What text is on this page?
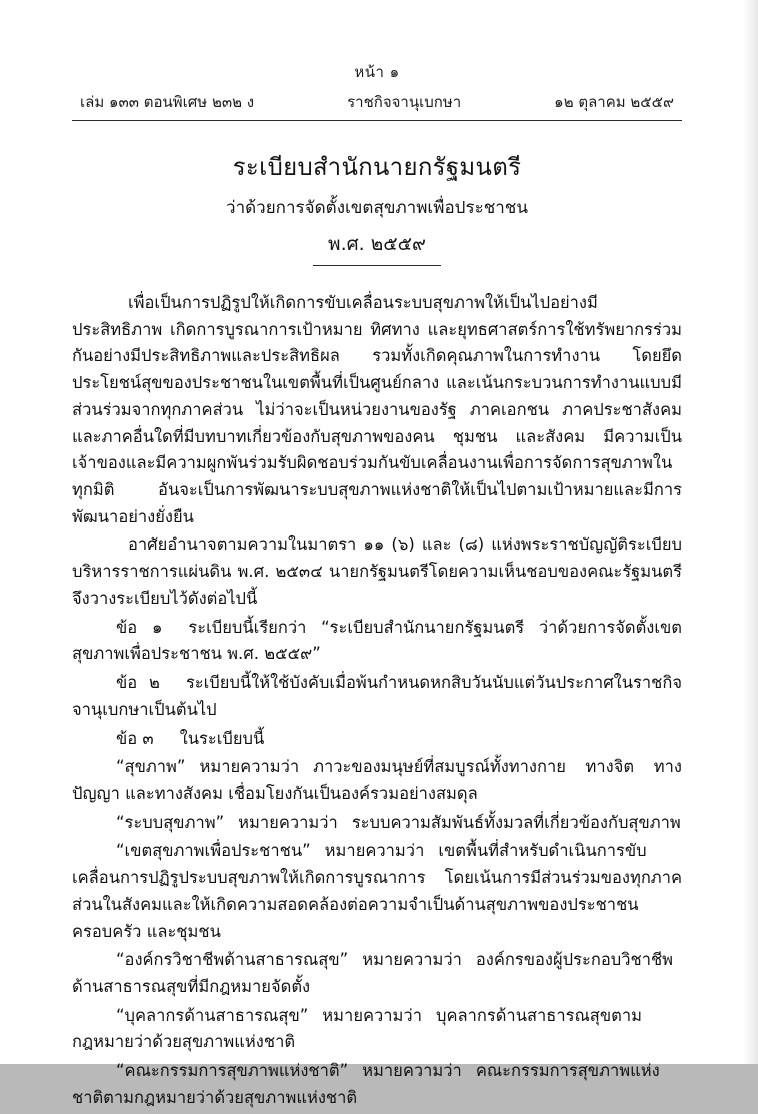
หน้า ๑
เล่ม ๑๓๓ ตอนพิเศษ ๒๓๒ ง	ราชกิจจานุเบกษา	๑๒ ตุลาคม ๒๕๕๙
ระเบียบสำนักนายกรัฐมนตรี
ว่าด้วยการจัดตั้งเขตสุขภาพเพื่อประชาชน
พ.ศ. ๒๕๕๙

เพื่อเป็นการปฏิรูปให้เกิดการขับเคลื่อนระบบสุขภาพให้เป็นไปอย่างมีประสิทธิภาพ เกิดการบูรณาการเป้าหมาย ทิศทาง และยุทธศาสตร์การใช้ทรัพยากรร่วมกันอย่างมีประสิทธิภาพและประสิทธิผล รวมทั้งเกิดคุณภาพในการทำงาน โดยยึดประโยชน์สุขของประชาชนในเขตพื้นที่เป็นศูนย์กลาง และเน้นกระบวนการทำงานแบบมีส่วนร่วมจากทุกภาคส่วน ไม่ว่าจะเป็นหน่วยงานของรัฐ ภาคเอกชน ภาคประชาสังคม และภาคอื่นใดที่มีบทบาทเกี่ยวข้องกับสุขภาพของคน ชุมชน และสังคม มีความเป็นเจ้าของและมีความผูกพันร่วมรับผิดชอบร่วมกันขับเคลื่อนงานเพื่อการจัดการสุขภาพในทุกมิติ อันจะเป็นการพัฒนาระบบสุขภาพแห่งชาติให้เป็นไปตามเป้าหมายและมีการพัฒนาอย่างยั่งยืน

อาศัยอำนาจตามความในมาตรา ๑๑ (๖) และ (๘) แห่งพระราชบัญญัติระเบียบบริหารราชการแผ่นดิน พ.ศ. ๒๕๓๔ นายกรัฐมนตรีโดยความเห็นชอบของคณะรัฐมนตรี จึงวางระเบียบไว้ดังต่อไปนี้

ข้อ ๑ ระเบียบนี้เรียกว่า “ระเบียบสำนักนายกรัฐมนตรี ว่าด้วยการจัดตั้งเขตสุขภาพเพื่อประชาชน พ.ศ. ๒๕๕๙”

ข้อ ๒ ระเบียบนี้ให้ใช้บังคับเมื่อพ้นกำหนดหกสิบวันนับแต่วันประกาศในราชกิจจานุเบกษาเป็นต้นไป

ข้อ ๓ ในระเบียบนี้

“สุขภาพ” หมายความว่า ภาวะของมนุษย์ที่สมบูรณ์ทั้งทางกาย ทางจิต ทางปัญญา และทางสังคม เชื่อมโยงกันเป็นองค์รวมอย่างสมดุล

“ระบบสุขภาพ” หมายความว่า ระบบความสัมพันธ์ทั้งมวลที่เกี่ยวข้องกับสุขภาพ

“เขตสุขภาพเพื่อประชาชน” หมายความว่า เขตพื้นที่สำหรับดำเนินการขับเคลื่อนการปฏิรูประบบสุขภาพให้เกิดการบูรณาการ โดยเน้นการมีส่วนร่วมของทุกภาคส่วนในสังคมและให้เกิดความสอดคล้องต่อความจำเป็นด้านสุขภาพของประชาชน ครอบครัว และชุมชน

“องค์กรวิชาชีพด้านสาธารณสุข” หมายความว่า องค์กรของผู้ประกอบวิชาชีพด้านสาธารณสุขที่มีกฎหมายจัดตั้ง

“บุคลากรด้านสาธารณสุข” หมายความว่า บุคลากรด้านสาธารณสุขตามกฎหมายว่าด้วยสุขภาพแห่งชาติ

“คณะกรรมการสุขภาพแห่งชาติ” หมายความว่า คณะกรรมการสุขภาพแห่งชาติตามกฎหมายว่าด้วยสุขภาพแห่งชาติ
